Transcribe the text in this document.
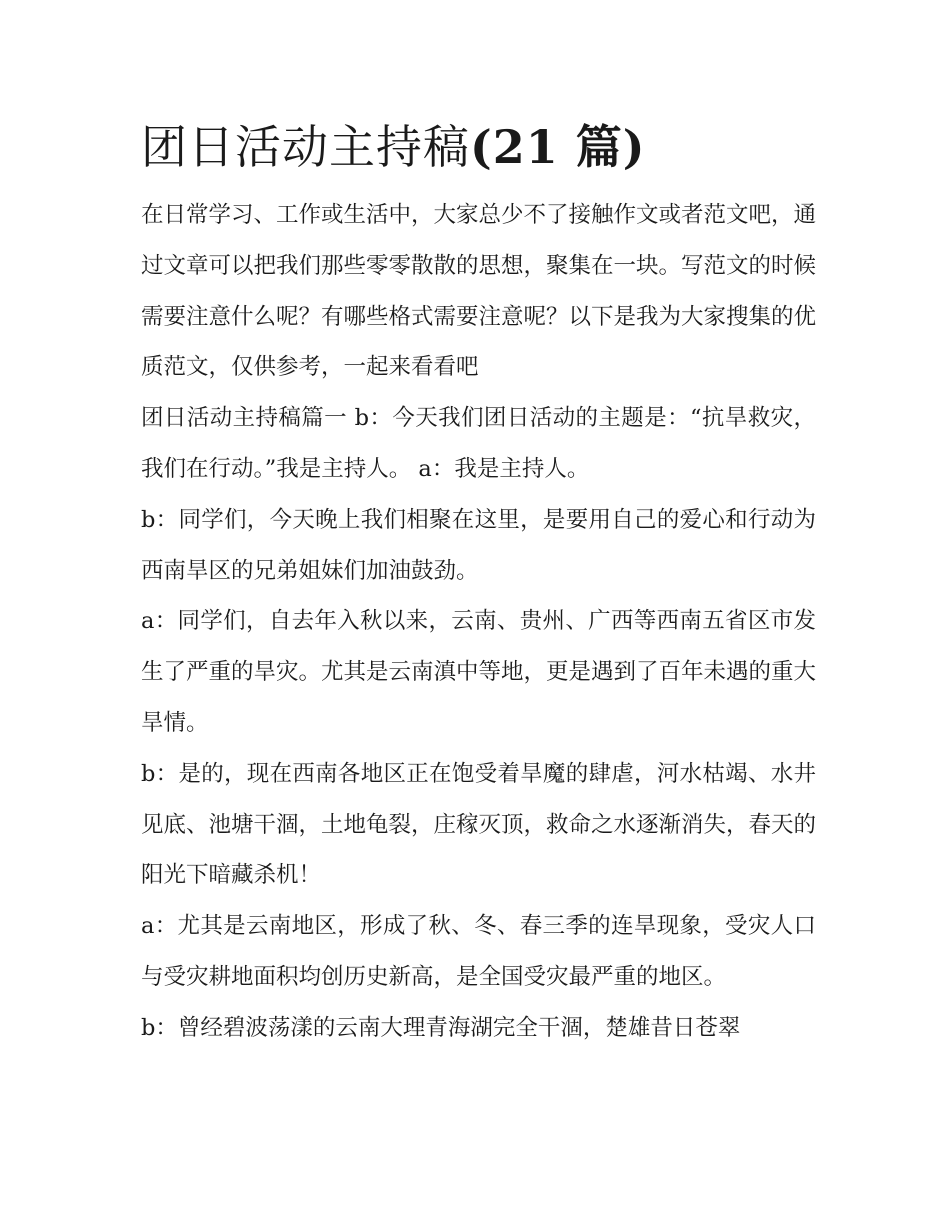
团日活动主持稿(21 篇)

在日常学习、工作或生活中，大家总少不了接触作文或者范文吧，通过文章可以把我们那些零零散散的思想，聚集在一块。写范文的时候需要注意什么呢？有哪些格式需要注意呢？以下是我为大家搜集的优质范文，仅供参考，一起来看看吧

团日活动主持稿篇一 b：今天我们团日活动的主题是：“抗旱救灾，我们在行动。”我是主持人。 a：我是主持人。

b：同学们，今天晚上我们相聚在这里，是要用自己的爱心和行动为西南旱区的兄弟姐妹们加油鼓劲。

a：同学们，自去年入秋以来，云南、贵州、广西等西南五省区市发生了严重的旱灾。尤其是云南滇中等地，更是遇到了百年未遇的重大旱情。

b：是的，现在西南各地区正在饱受着旱魔的肆虐，河水枯竭、水井见底、池塘干涸，土地龟裂，庄稼灭顶，救命之水逐渐消失，春天的阳光下暗藏杀机！

a：尤其是云南地区，形成了秋、冬、春三季的连旱现象，受灾人口与受灾耕地面积均创历史新高，是全国受灾最严重的地区。

b：曾经碧波荡漾的云南大理青海湖完全干涸，楚雄昔日苍翠
